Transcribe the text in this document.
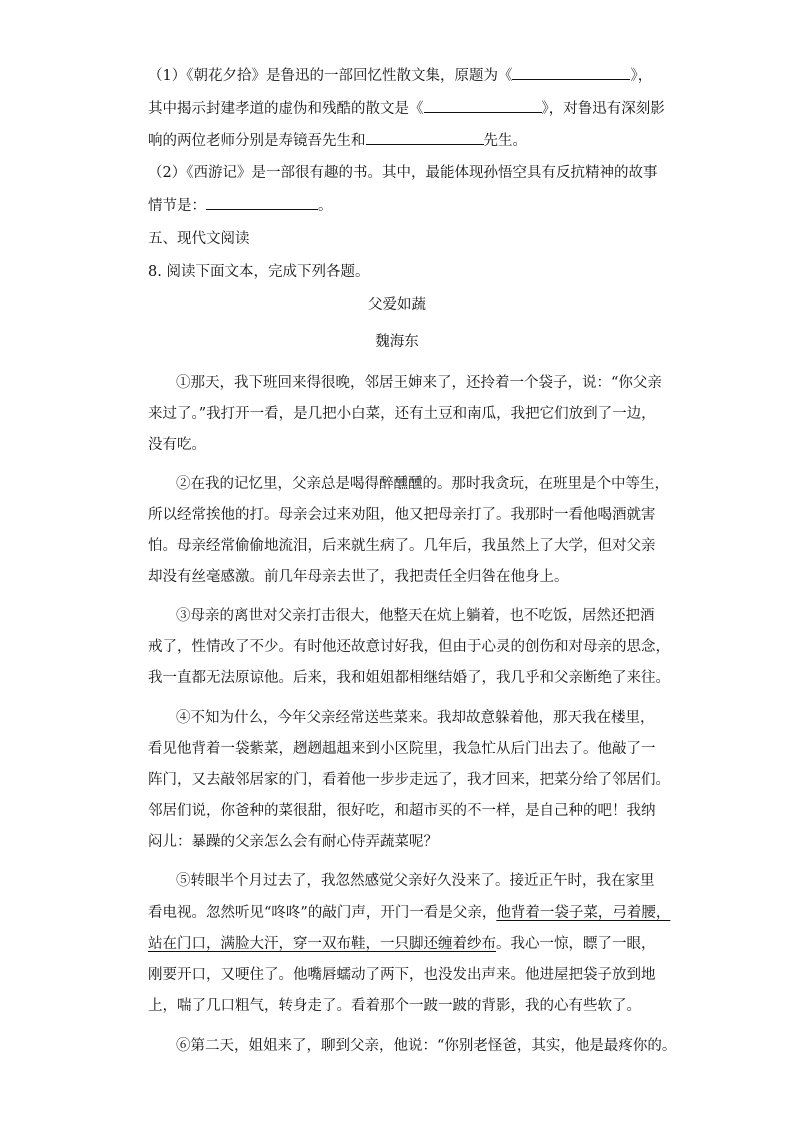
（1）《朝花夕拾》是鲁迅的一部回忆性散文集，原题为《	》，
其中揭示封建孝道的虚伪和残酷的散文是《	》，对鲁迅有深刻影
响的两位老师分别是寿镜吾先生和	先生。
（2）《西游记》是一部很有趣的书。其中，最能体现孙悟空具有反抗精神的故事
情节是：	。
五、现代文阅读
8. 阅读下面文本，完成下列各题。
父爱如蔬
魏海东
①那天，我下班回来得很晚，邻居王婶来了，还拎着一个袋子，说：“你父亲
来过了。”我打开一看，是几把小白菜，还有土豆和南瓜，我把它们放到了一边，
没有吃。
②在我的记忆里，父亲总是喝得醉醺醺的。那时我贪玩，在班里是个中等生，
所以经常挨他的打。母亲会过来劝阻，他又把母亲打了。我那时一看他喝酒就害
怕。母亲经常偷偷地流泪，后来就生病了。几年后，我虽然上了大学，但对父亲
却没有丝毫感激。前几年母亲去世了，我把责任全归咎在他身上。
③母亲的离世对父亲打击很大，他整天在炕上躺着，也不吃饭，居然还把酒
戒了，性情改了不少。有时他还故意讨好我，但由于心灵的创伤和对母亲的思念，
我一直都无法原谅他。后来，我和姐姐都相继结婚了，我几乎和父亲断绝了来往。
④不知为什么，今年父亲经常送些菜来。我却故意躲着他，那天我在楼里，
看见他背着一袋紫菜，趔趔趄趄来到小区院里，我急忙从后门出去了。他敲了一
阵门，又去敲邻居家的门，看着他一步步走远了，我才回来，把菜分给了邻居们。
邻居们说，你爸种的菜很甜，很好吃，和超市买的不一样，是自己种的吧！我纳
闷儿：暴躁的父亲怎么会有耐心侍弄蔬菜呢？
⑤转眼半个月过去了，我忽然感觉父亲好久没来了。接近正午时，我在家里
看电视。忽然听见“咚咚”的敲门声，开门一看是父亲，他背着一袋子菜，弓着腰，
站在门口，满脸大汗，穿一双布鞋，一只脚还缠着纱布。我心一惊，瞟了一眼，
刚要开口，又哽住了。他嘴唇蠕动了两下，也没发出声来。他进屋把袋子放到地
上，喘了几口粗气，转身走了。看着那个一跛一跛的背影，我的心有些软了。
⑥第二天，姐姐来了，聊到父亲，他说：“你别老怪爸，其实，他是最疼你的。
